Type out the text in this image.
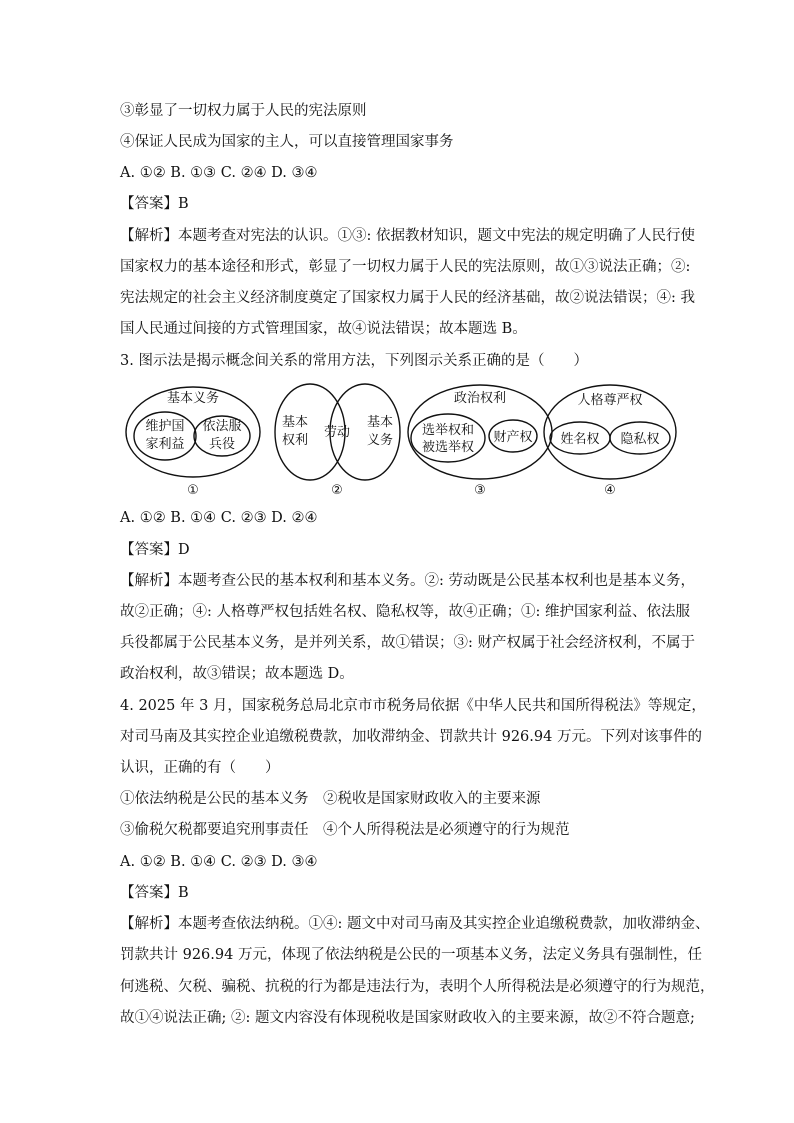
③彰显了一切权力属于人民的宪法原则
④保证人民成为国家的主人，可以直接管理国家事务
A. ①② B. ①③ C. ②④ D. ③④
【答案】B
【解析】本题考查对宪法的认识。①③: 依据教材知识，题文中宪法的规定明确了人民行使
国家权力的基本途径和形式，彰显了一切权力属于人民的宪法原则，故①③说法正确；②:
宪法规定的社会主义经济制度奠定了国家权力属于人民的经济基础，故②说法错误；④: 我
国人民通过间接的方式管理国家，故④说法错误；故本题选 B。
3. 图示法是揭示概念间关系的常用方法，下列图示关系正确的是（　　）
基本义务
维护国
家利益
依法服
兵役
①
基本
权利
劳动
基本
义务
②
政治权利
选举权和
被选举权
财产权
③
人格尊严权
姓名权 隐私权
④
A. ①② B. ①④ C. ②③ D. ②④
【答案】D
【解析】本题考查公民的基本权利和基本义务。②: 劳动既是公民基本权利也是基本义务，
故②正确；④: 人格尊严权包括姓名权、隐私权等，故④正确；①: 维护国家利益、依法服
兵役都属于公民基本义务，是并列关系，故①错误；③: 财产权属于社会经济权利，不属于
政治权利，故③错误；故本题选 D。
4. 2025 年 3 月，国家税务总局北京市市税务局依据《中华人民共和国所得税法》等规定，
对司马南及其实控企业追缴税费款，加收滞纳金、罚款共计 926.94 万元。下列对该事件的
认识，正确的有（　　）
①依法纳税是公民的基本义务　②税收是国家财政收入的主要来源
③偷税欠税都要追究刑事责任　④个人所得税法是必须遵守的行为规范
A. ①② B. ①④ C. ②③ D. ③④
【答案】B
【解析】本题考查依法纳税。①④: 题文中对司马南及其实控企业追缴税费款，加收滞纳金、
罚款共计 926.94 万元，体现了依法纳税是公民的一项基本义务，法定义务具有强制性，任
何逃税、欠税、骗税、抗税的行为都是违法行为，表明个人所得税法是必须遵守的行为规范，
故①④说法正确; ②: 题文内容没有体现税收是国家财政收入的主要来源，故②不符合题意;
